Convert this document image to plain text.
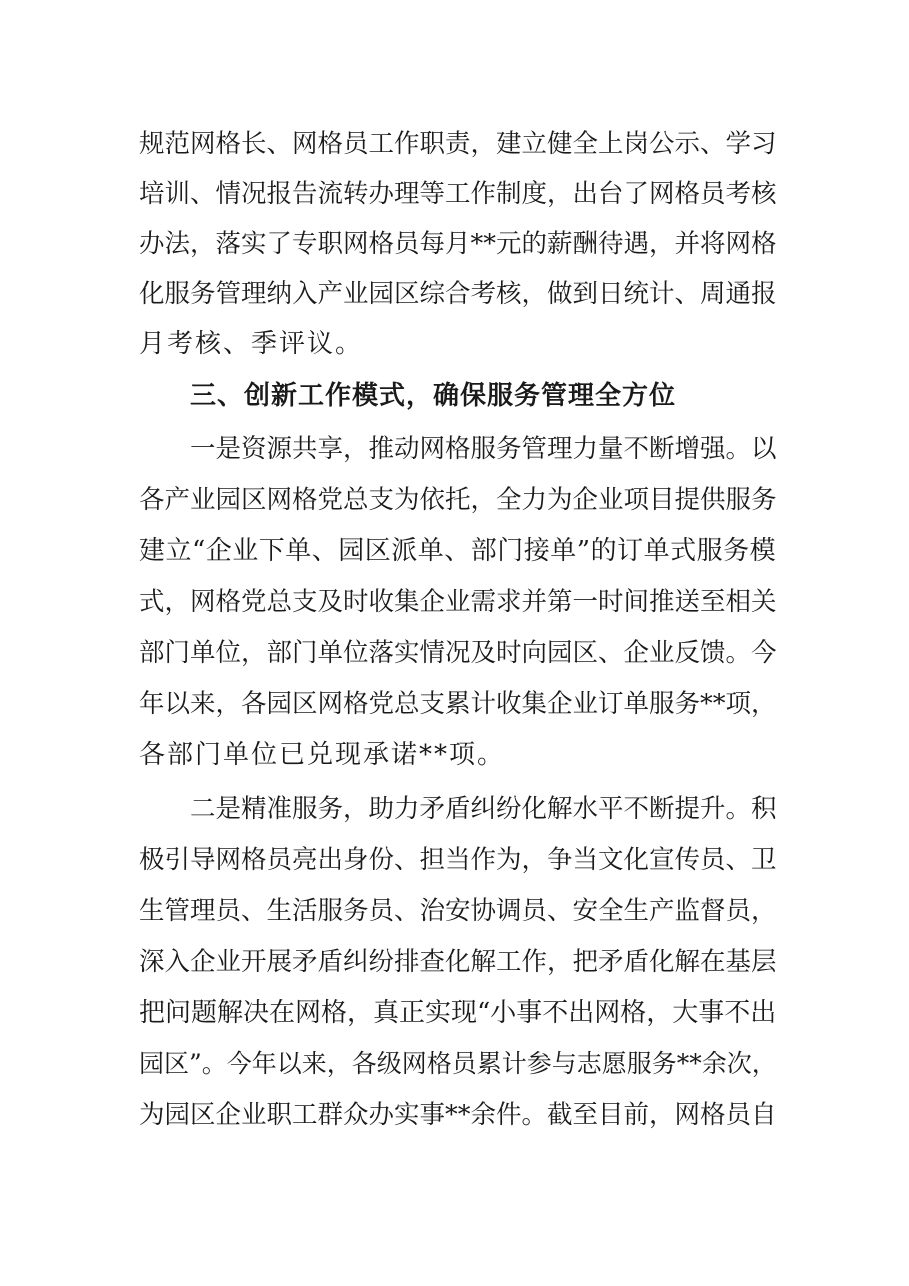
规范网格长、网格员工作职责，建立健全上岗公示、学习
培训、情况报告流转办理等工作制度，出台了网格员考核
办法，落实了专职网格员每月**元的薪酬待遇，并将网格
化服务管理纳入产业园区综合考核，做到日统计、周通报
月考核、季评议。
三、创新工作模式，确保服务管理全方位
一是资源共享，推动网格服务管理力量不断增强。以
各产业园区网格党总支为依托，全力为企业项目提供服务
建立“企业下单、园区派单、部门接单”的订单式服务模
式，网格党总支及时收集企业需求并第一时间推送至相关
部门单位，部门单位落实情况及时向园区、企业反馈。今
年以来，各园区网格党总支累计收集企业订单服务**项，
各部门单位已兑现承诺**项。
二是精准服务，助力矛盾纠纷化解水平不断提升。积
极引导网格员亮出身份、担当作为，争当文化宣传员、卫
生管理员、生活服务员、治安协调员、安全生产监督员，
深入企业开展矛盾纠纷排查化解工作，把矛盾化解在基层
把问题解决在网格，真正实现“小事不出网格，大事不出
园区”。今年以来，各级网格员累计参与志愿服务**余次，
为园区企业职工群众办实事**余件。截至目前，网格员自
